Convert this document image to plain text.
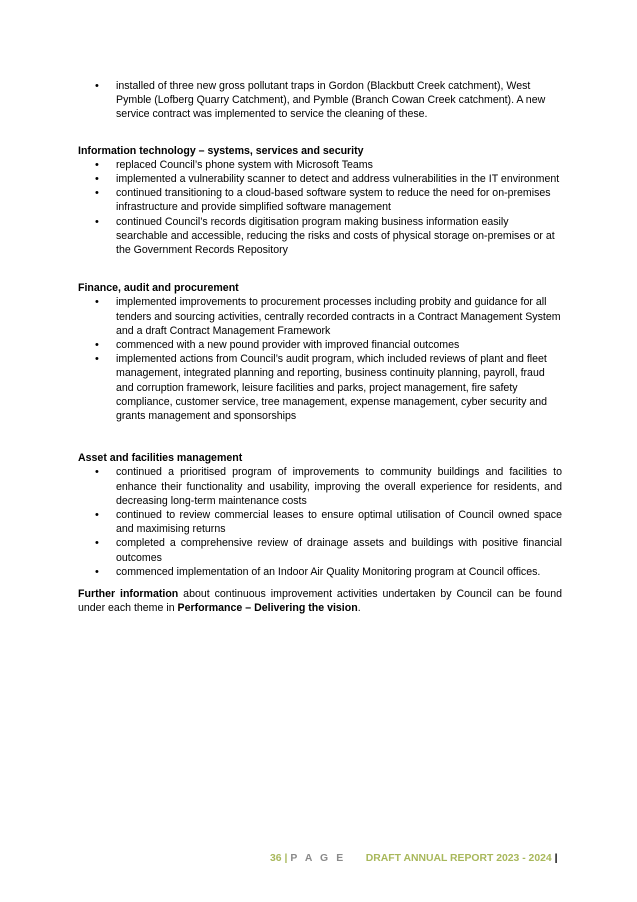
• installed of three new gross pollutant traps in Gordon (Blackbutt Creek catchment), West Pymble (Lofberg Quarry Catchment), and Pymble (Branch Cowan Creek catchment). A new service contract was implemented to service the cleaning of these.

Information technology – systems, services and security

• replaced Council’s phone system with Microsoft Teams
• implemented a vulnerability scanner to detect and address vulnerabilities in the IT environment
• continued transitioning to a cloud-based software system to reduce the need for on-premises infrastructure and provide simplified software management
• continued Council’s records digitisation program making business information easily searchable and accessible, reducing the risks and costs of physical storage on-premises or at the Government Records Repository

Finance, audit and procurement

• implemented improvements to procurement processes including probity and guidance for all tenders and sourcing activities, centrally recorded contracts in a Contract Management System and a draft Contract Management Framework
• commenced with a new pound provider with improved financial outcomes
• implemented actions from Council’s audit program, which included reviews of plant and fleet management, integrated planning and reporting, business continuity planning, payroll, fraud and corruption framework, leisure facilities and parks, project management, fire safety compliance, customer service, tree management, expense management, cyber security and grants management and sponsorships

Asset and facilities management

• continued a prioritised program of improvements to community buildings and facilities to enhance their functionality and usability, improving the overall experience for residents, and decreasing long-term maintenance costs
• continued to review commercial leases to ensure optimal utilisation of Council owned space and maximising returns
• completed a comprehensive review of drainage assets and buildings with positive financial outcomes
• commenced implementation of an Indoor Air Quality Monitoring program at Council offices.

Further information about continuous improvement activities undertaken by Council can be found under each theme in Performance – Delivering the vision.

36 | P A G E DRAFT ANNUAL REPORT 2023 - 2024 |
